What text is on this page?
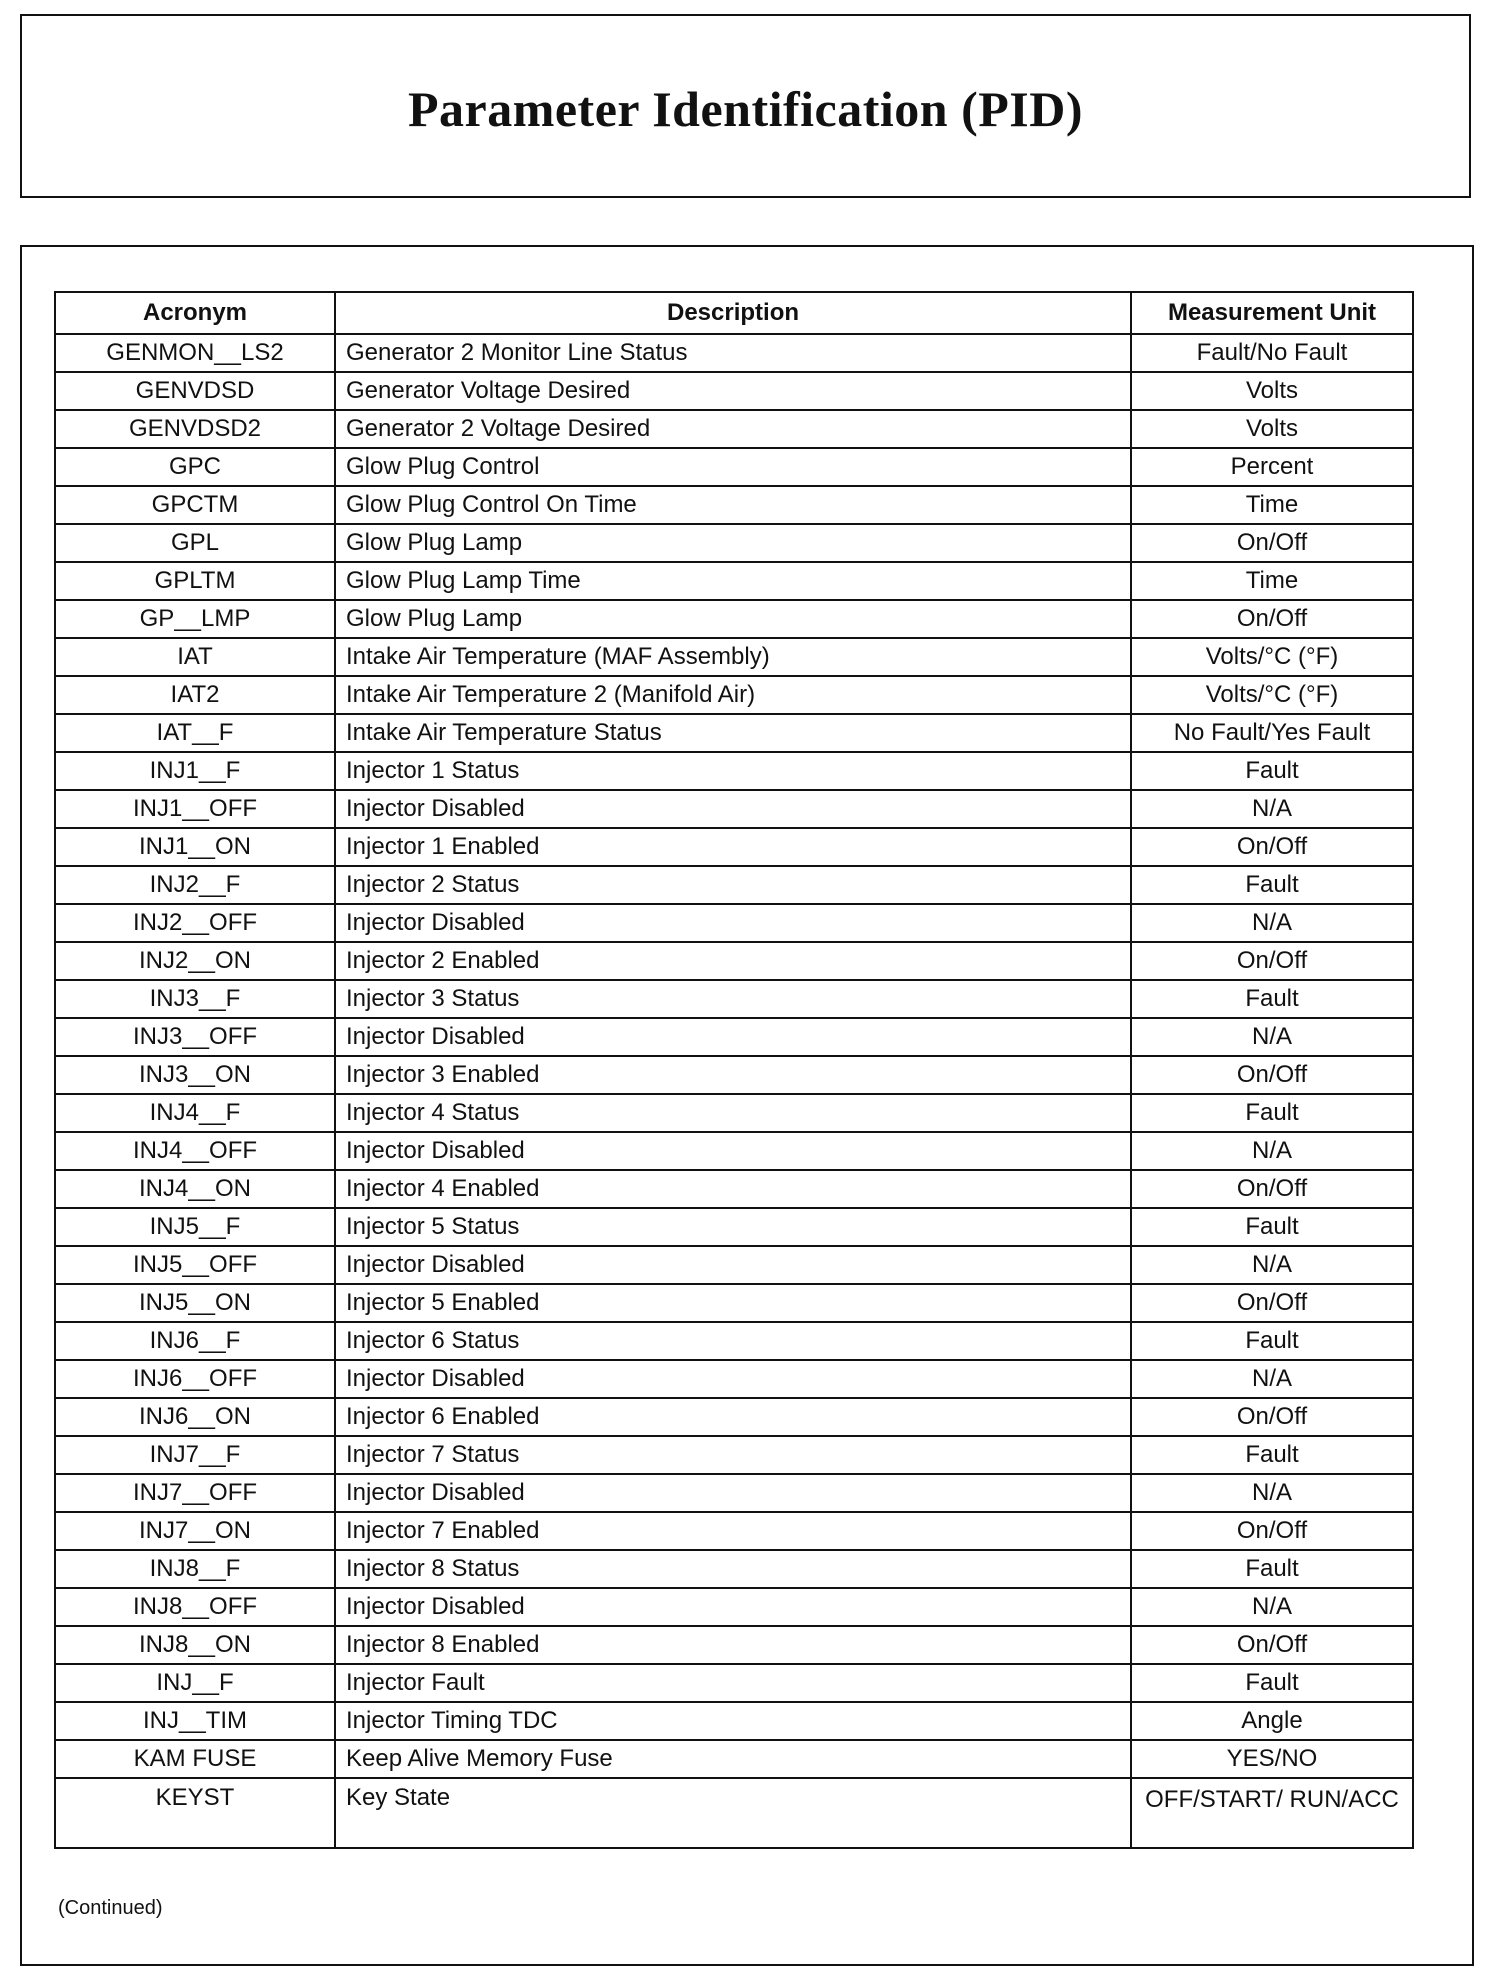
Parameter Identification (PID)
Acronym	Description	Measurement Unit
GENMON__LS2	Generator 2 Monitor Line Status	Fault/No Fault
GENVDSD	Generator Voltage Desired	Volts
GENVDSD2	Generator 2 Voltage Desired	Volts
GPC	Glow Plug Control	Percent
GPCTM	Glow Plug Control On Time	Time
GPL	Glow Plug Lamp	On/Off
GPLTM	Glow Plug Lamp Time	Time
GP__LMP	Glow Plug Lamp	On/Off
IAT	Intake Air Temperature (MAF Assembly)	Volts/°C (°F)
IAT2	Intake Air Temperature 2 (Manifold Air)	Volts/°C (°F)
IAT__F	Intake Air Temperature Status	No Fault/Yes Fault
INJ1__F	Injector 1 Status	Fault
INJ1__OFF	Injector Disabled	N/A
INJ1__ON	Injector 1 Enabled	On/Off
INJ2__F	Injector 2 Status	Fault
INJ2__OFF	Injector Disabled	N/A
INJ2__ON	Injector 2 Enabled	On/Off
INJ3__F	Injector 3 Status	Fault
INJ3__OFF	Injector Disabled	N/A
INJ3__ON	Injector 3 Enabled	On/Off
INJ4__F	Injector 4 Status	Fault
INJ4__OFF	Injector Disabled	N/A
INJ4__ON	Injector 4 Enabled	On/Off
INJ5__F	Injector 5 Status	Fault
INJ5__OFF	Injector Disabled	N/A
INJ5__ON	Injector 5 Enabled	On/Off
INJ6__F	Injector 6 Status	Fault
INJ6__OFF	Injector Disabled	N/A
INJ6__ON	Injector 6 Enabled	On/Off
INJ7__F	Injector 7 Status	Fault
INJ7__OFF	Injector Disabled	N/A
INJ7__ON	Injector 7 Enabled	On/Off
INJ8__F	Injector 8 Status	Fault
INJ8__OFF	Injector Disabled	N/A
INJ8__ON	Injector 8 Enabled	On/Off
INJ__F	Injector Fault	Fault
INJ__TIM	Injector Timing TDC	Angle
KAM FUSE	Keep Alive Memory Fuse	YES/NO
KEYST	Key State	OFF/START/ RUN/ACC
(Continued)
